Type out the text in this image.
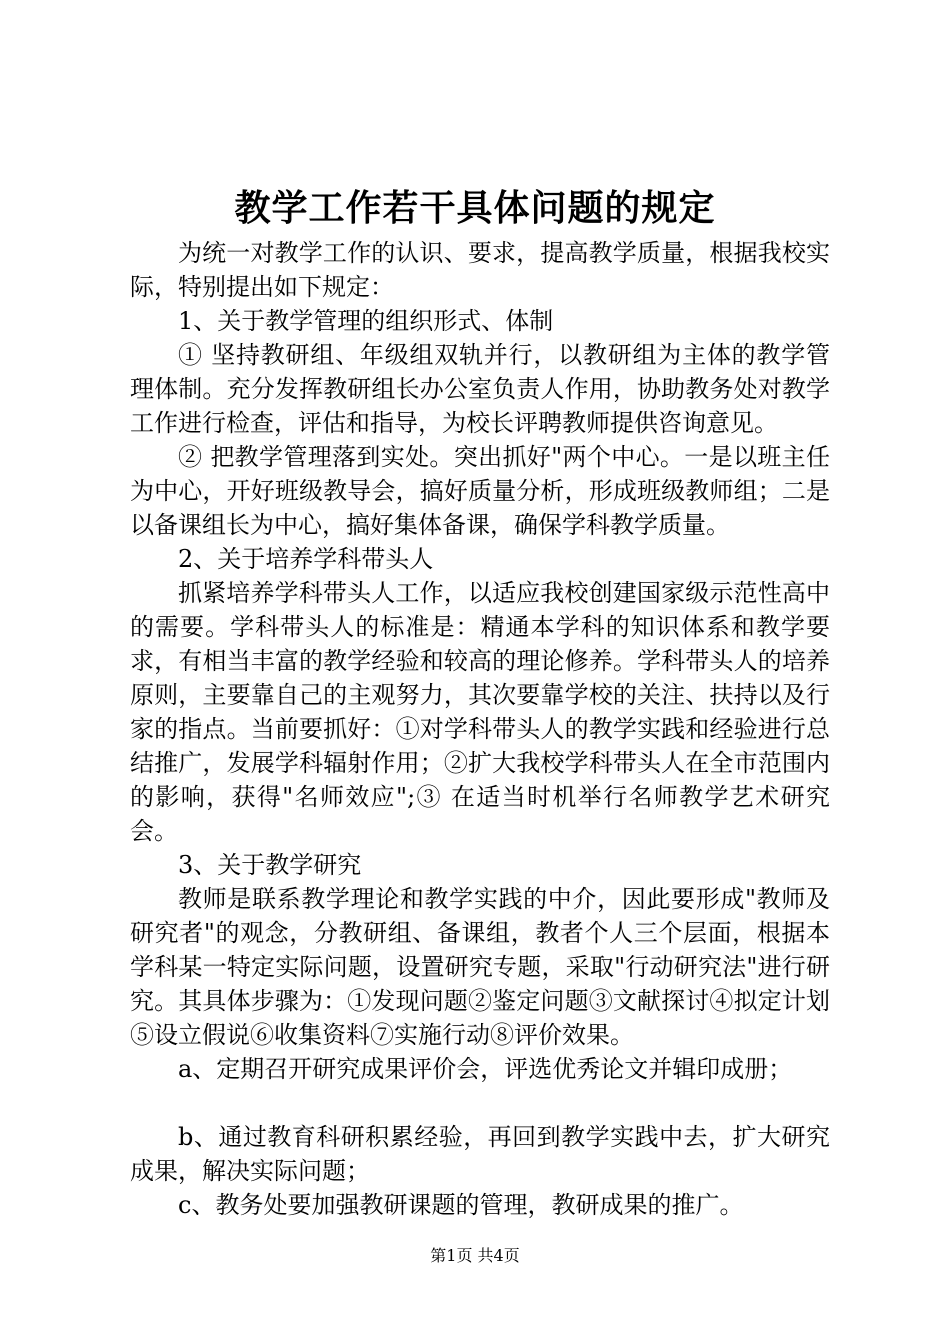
教学工作若干具体问题的规定

为统一对教学工作的认识、要求，提高教学质量，根据我校实际，特别提出如下规定：

1、关于教学管理的组织形式、体制

① 坚持教研组、年级组双轨并行，以教研组为主体的教学管理体制。充分发挥教研组长办公室负责人作用，协助教务处对教学工作进行检查，评估和指导，为校长评聘教师提供咨询意见。

② 把教学管理落到实处。突出抓好"两个中心。一是以班主任为中心，开好班级教导会，搞好质量分析，形成班级教师组；二是以备课组长为中心，搞好集体备课，确保学科教学质量。

2、关于培养学科带头人

抓紧培养学科带头人工作，以适应我校创建国家级示范性高中的需要。学科带头人的标准是：精通本学科的知识体系和教学要求，有相当丰富的教学经验和较高的理论修养。学科带头人的培养原则，主要靠自己的主观努力，其次要靠学校的关注、扶持以及行家的指点。当前要抓好：①对学科带头人的教学实践和经验进行总结推广，发展学科辐射作用；②扩大我校学科带头人在全市范围内的影响，获得"名师效应";③ 在适当时机举行名师教学艺术研究会。

3、关于教学研究

教师是联系教学理论和教学实践的中介，因此要形成"教师及研究者"的观念，分教研组、备课组，教者个人三个层面，根据本学科某一特定实际问题，设置研究专题，采取"行动研究法"进行研究。其具体步骤为：①发现问题②鉴定问题③文献探讨④拟定计划⑤设立假说⑥收集资料⑦实施行动⑧评价效果。

a、定期召开研究成果评价会，评选优秀论文并辑印成册；

b、通过教育科研积累经验，再回到教学实践中去，扩大研究成果，解决实际问题；

c、教务处要加强教研课题的管理，教研成果的推广。

第1页 共4页
